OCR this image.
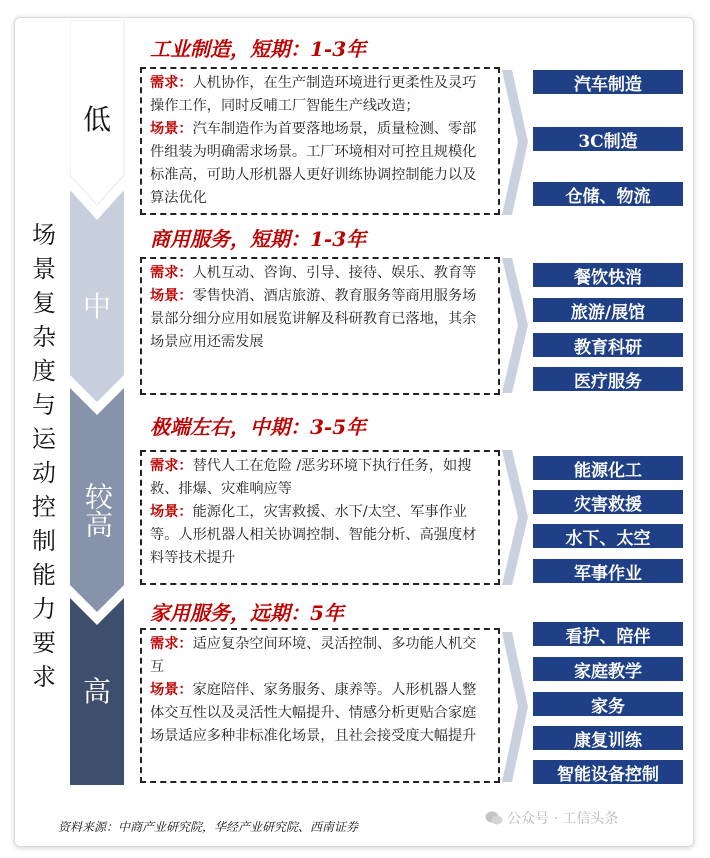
场景复杂度与运动控制能力要求
低
中
较高
高
工业制造，短期：1-3年
需求：人机协作，在生产制造环境进行更柔性及灵巧操作工作，同时反哺工厂智能生产线改造；
场景：汽车制造作为首要落地场景，质量检测、零部件组装为明确需求场景。工厂环境相对可控且规模化标准高，可助人形机器人更好训练协调控制能力以及算法优化
汽车制造
3C制造
仓储、物流
商用服务，短期：1-3年
需求：人机互动、咨询、引导、接待、娱乐、教育等
场景：零售快消、酒店旅游、教育服务等商用服务场景部分细分应用如展览讲解及科研教育已落地，其余场景应用还需发展
餐饮快消
旅游/展馆
教育科研
医疗服务
极端左右，中期：3-5年
需求：替代人工在危险 /恶劣环境下执行任务，如搜救、排爆、灾难响应等
场景：能源化工，灾害救援、水下/太空、军事作业等。人形机器人相关协调控制、智能分析、高强度材料等技术提升
能源化工
灾害救援
水下、太空
军事作业
家用服务，远期：5年
需求：适应复杂空间环境、灵活控制、多功能人机交互
场景：家庭陪伴、家务服务、康养等。人形机器人整体交互性以及灵活性大幅提升、情感分析更贴合家庭场景适应多种非标准化场景，且社会接受度大幅提升
看护、陪伴
家庭教学
家务
康复训练
智能设备控制
资料来源：中商产业研究院，华经产业研究院、西南证券	公众号 · 工信头条
